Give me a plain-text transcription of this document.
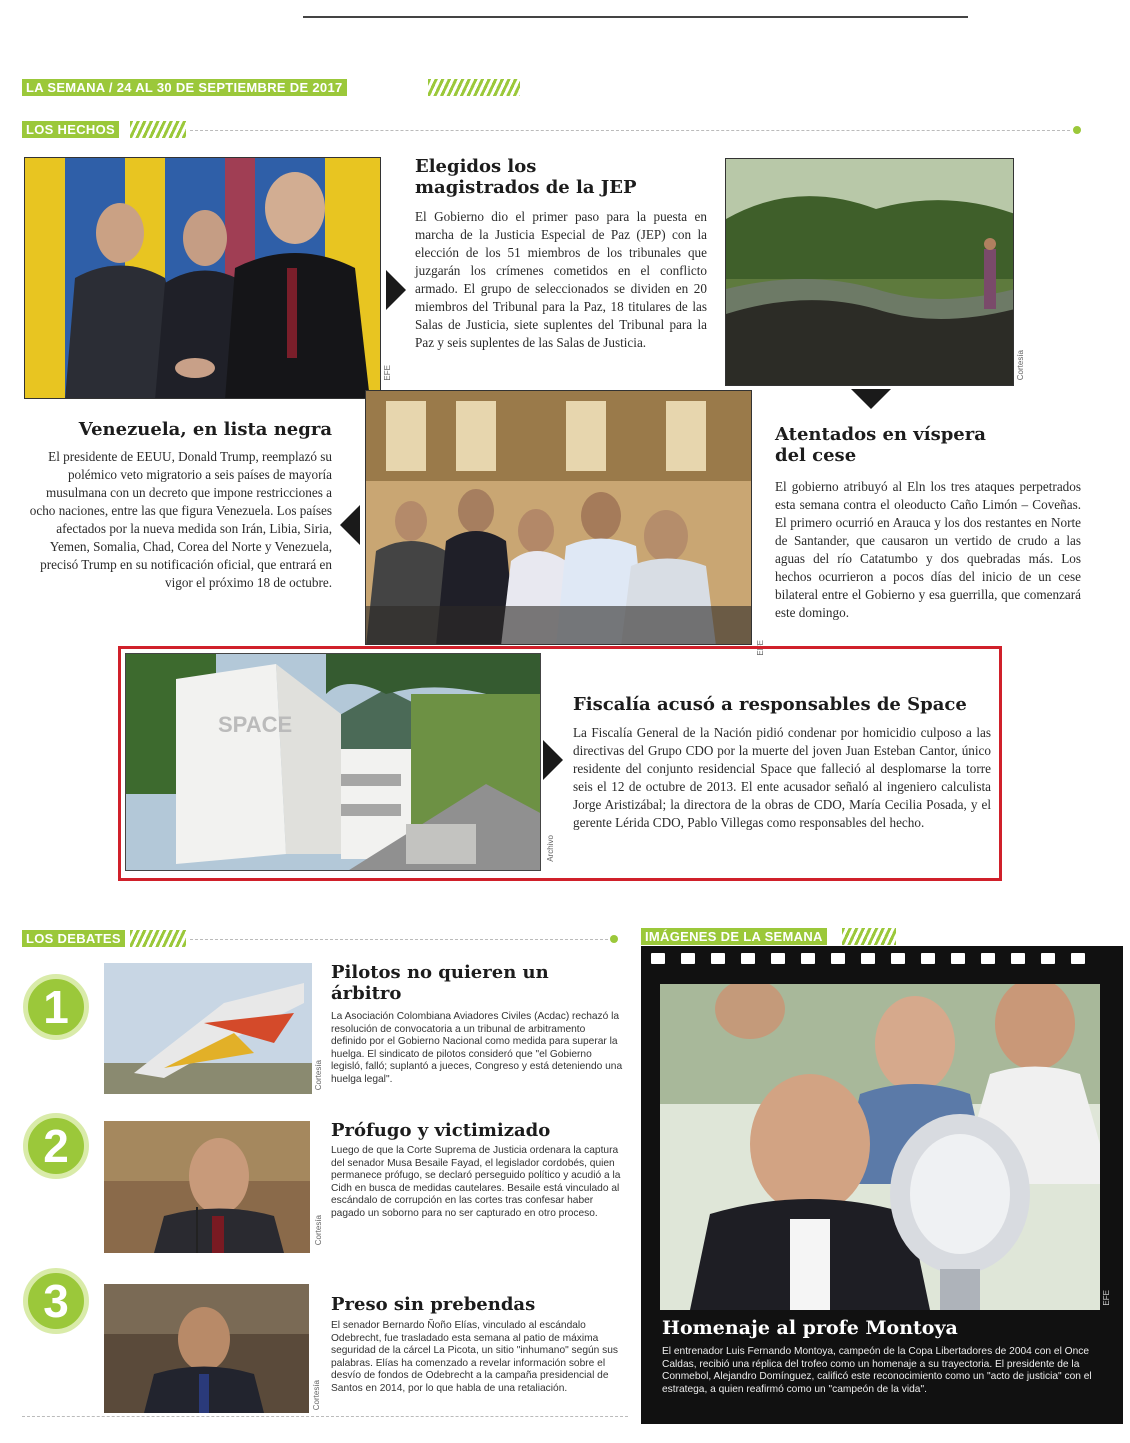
LA SEMANA / 24 AL 30 DE SEPTIEMBRE DE 2017
LOS HECHOS
EFE
Elegidos los magistrados de la JEP

El Gobierno dio el primer paso para la puesta en marcha de la Justicia Especial de Paz (JEP) con la elección de los 51 miembros de los tribunales que juzgarán los crímenes cometidos en el conflicto armado. El grupo de seleccionados se dividen en 20 miembros del Tribunal para la Paz, 18 titulares de las Salas de Justicia, siete suplentes del Tribunal para la Paz y seis suplentes de las Salas de Justicia.

Cortesía
Venezuela, en lista negra

El presidente de EEUU, Donald Trump, reemplazó su polémico veto migratorio a seis países de mayoría musulmana con un decreto que impone restricciones a ocho naciones, entre las que figura Venezuela. Los países afectados por la nueva medida son Irán, Libia, Siria, Yemen, Somalia, Chad, Corea del Norte y Venezuela, precisó Trump en su notificación oficial, que entrará en vigor el próximo 18 de octubre.

EFE
Atentados en víspera del cese

El gobierno atribuyó al Eln los tres ataques perpetrados esta semana contra el oleoducto Caño Limón – Coveñas. El primero ocurrió en Arauca y los dos restantes en Norte de Santander, que causaron un vertido de crudo a las aguas del río Catatumbo y dos quebradas más. Los hechos ocurrieron a pocos días del inicio de un cese bilateral entre el Gobierno y esa guerrilla, que comenzará este domingo.

SPACE
Archivo
Fiscalía acusó a responsables de Space

La Fiscalía General de la Nación pidió condenar por homicidio culposo a las directivas del Grupo CDO por la muerte del joven Juan Esteban Cantor, único residente del conjunto residencial Space que falleció al desplomarse la torre seis el 12 de octubre de 2013. El ente acusador señaló al ingeniero calculista Jorge Aristizábal; la directora de la obras de CDO, María Cecilia Posada, y el gerente Lérida CDO, Pablo Villegas como responsables del hecho.

LOS DEBATES
1
Cortesía
Pilotos no quieren un árbitro

La Asociación Colombiana Aviadores Civiles (Acdac) rechazó la resolución de convocatoria a un tribunal de arbitramento definido por el Gobierno Nacional como medida para superar la huelga. El sindicato de pilotos consideró que "el Gobierno legisló, falló; suplantó a jueces, Congreso y está deteniendo una huelga legal".

2
Cortesía
Prófugo y victimizado

Luego de que la Corte Suprema de Justicia ordenara la captura del senador Musa Besaile Fayad, el legislador cordobés, quien permanece prófugo, se declaró perseguido político y acudió a la Cidh en busca de medidas cautelares. Besaile está vinculado al escándalo de corrupción en las cortes tras confesar haber pagado un soborno para no ser capturado en otro proceso.

3
Cortesía
Preso sin prebendas

El senador Bernardo Ñoño Elías, vinculado al escándalo Odebrecht, fue trasladado esta semana al patio de máxima seguridad de la cárcel La Picota, un sitio "inhumano" según sus palabras. Elías ha comenzado a revelar información sobre el desvío de fondos de Odebrecht a la campaña presidencial de Santos en 2014, por lo que habla de una retaliación.

IMÁGENES DE LA SEMANA
EFE
Homenaje al profe Montoya

El entrenador Luis Fernando Montoya, campeón de la Copa Libertadores de 2004 con el Once Caldas, recibió una réplica del trofeo como un homenaje a su trayectoria. El presidente de la Conmebol, Alejandro Domínguez, calificó este reconocimiento como un "acto de justicia" con el estratega, a quien reafirmó como un "campeón de la vida".
